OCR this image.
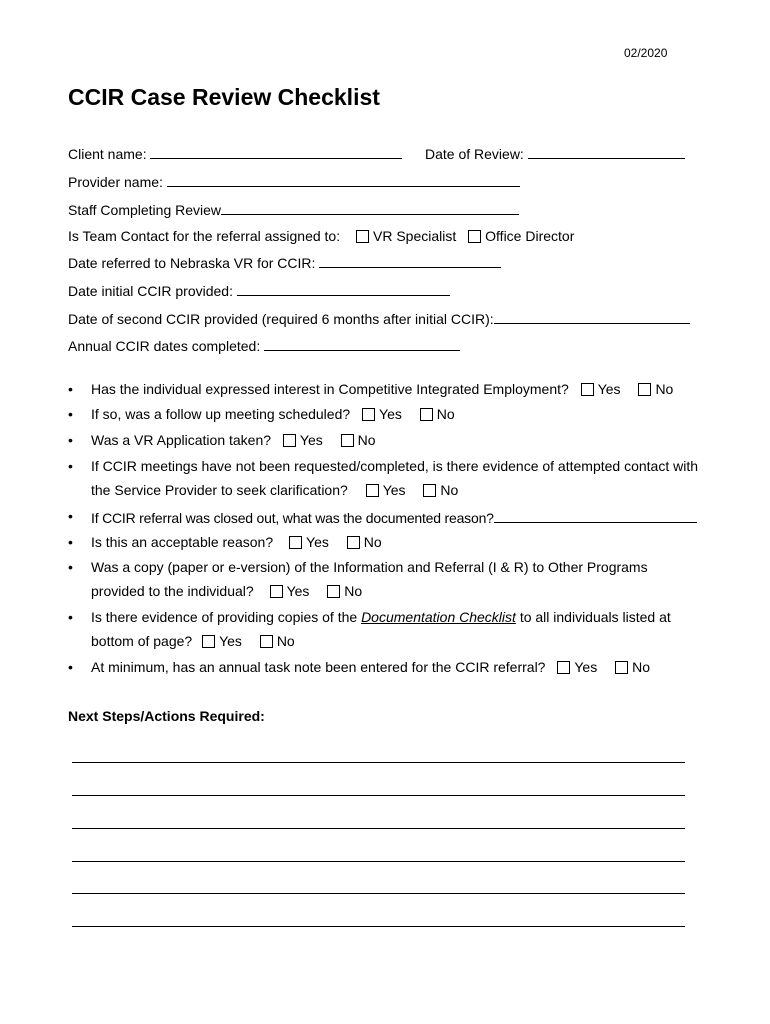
02/2020
CCIR Case Review Checklist
Client name:	Date of Review:
Provider name:
Staff Completing Review
Is Team Contact for the referral assigned to: VR Specialist Office Director
Date referred to Nebraska VR for CCIR:
Date initial CCIR provided:
Date of second CCIR provided (required 6 months after initial CCIR):
Annual CCIR dates completed:
• Has the individual expressed interest in Competitive Integrated Employment? Yes No
• If so, was a follow up meeting scheduled? Yes No
• Was a VR Application taken? Yes No
• If CCIR meetings have not been requested/completed, is there evidence of attempted contact with
the Service Provider to seek clarification? Yes No
• If CCIR referral was closed out, what was the documented reason?
• Is this an acceptable reason? Yes No
• Was a copy (paper or e-version) of the Information and Referral (I & R) to Other Programs
provided to the individual? Yes No
• Is there evidence of providing copies of the Documentation Checklist to all individuals listed at
bottom of page? Yes No
• At minimum, has an annual task note been entered for the CCIR referral? Yes No
Next Steps/Actions Required:
